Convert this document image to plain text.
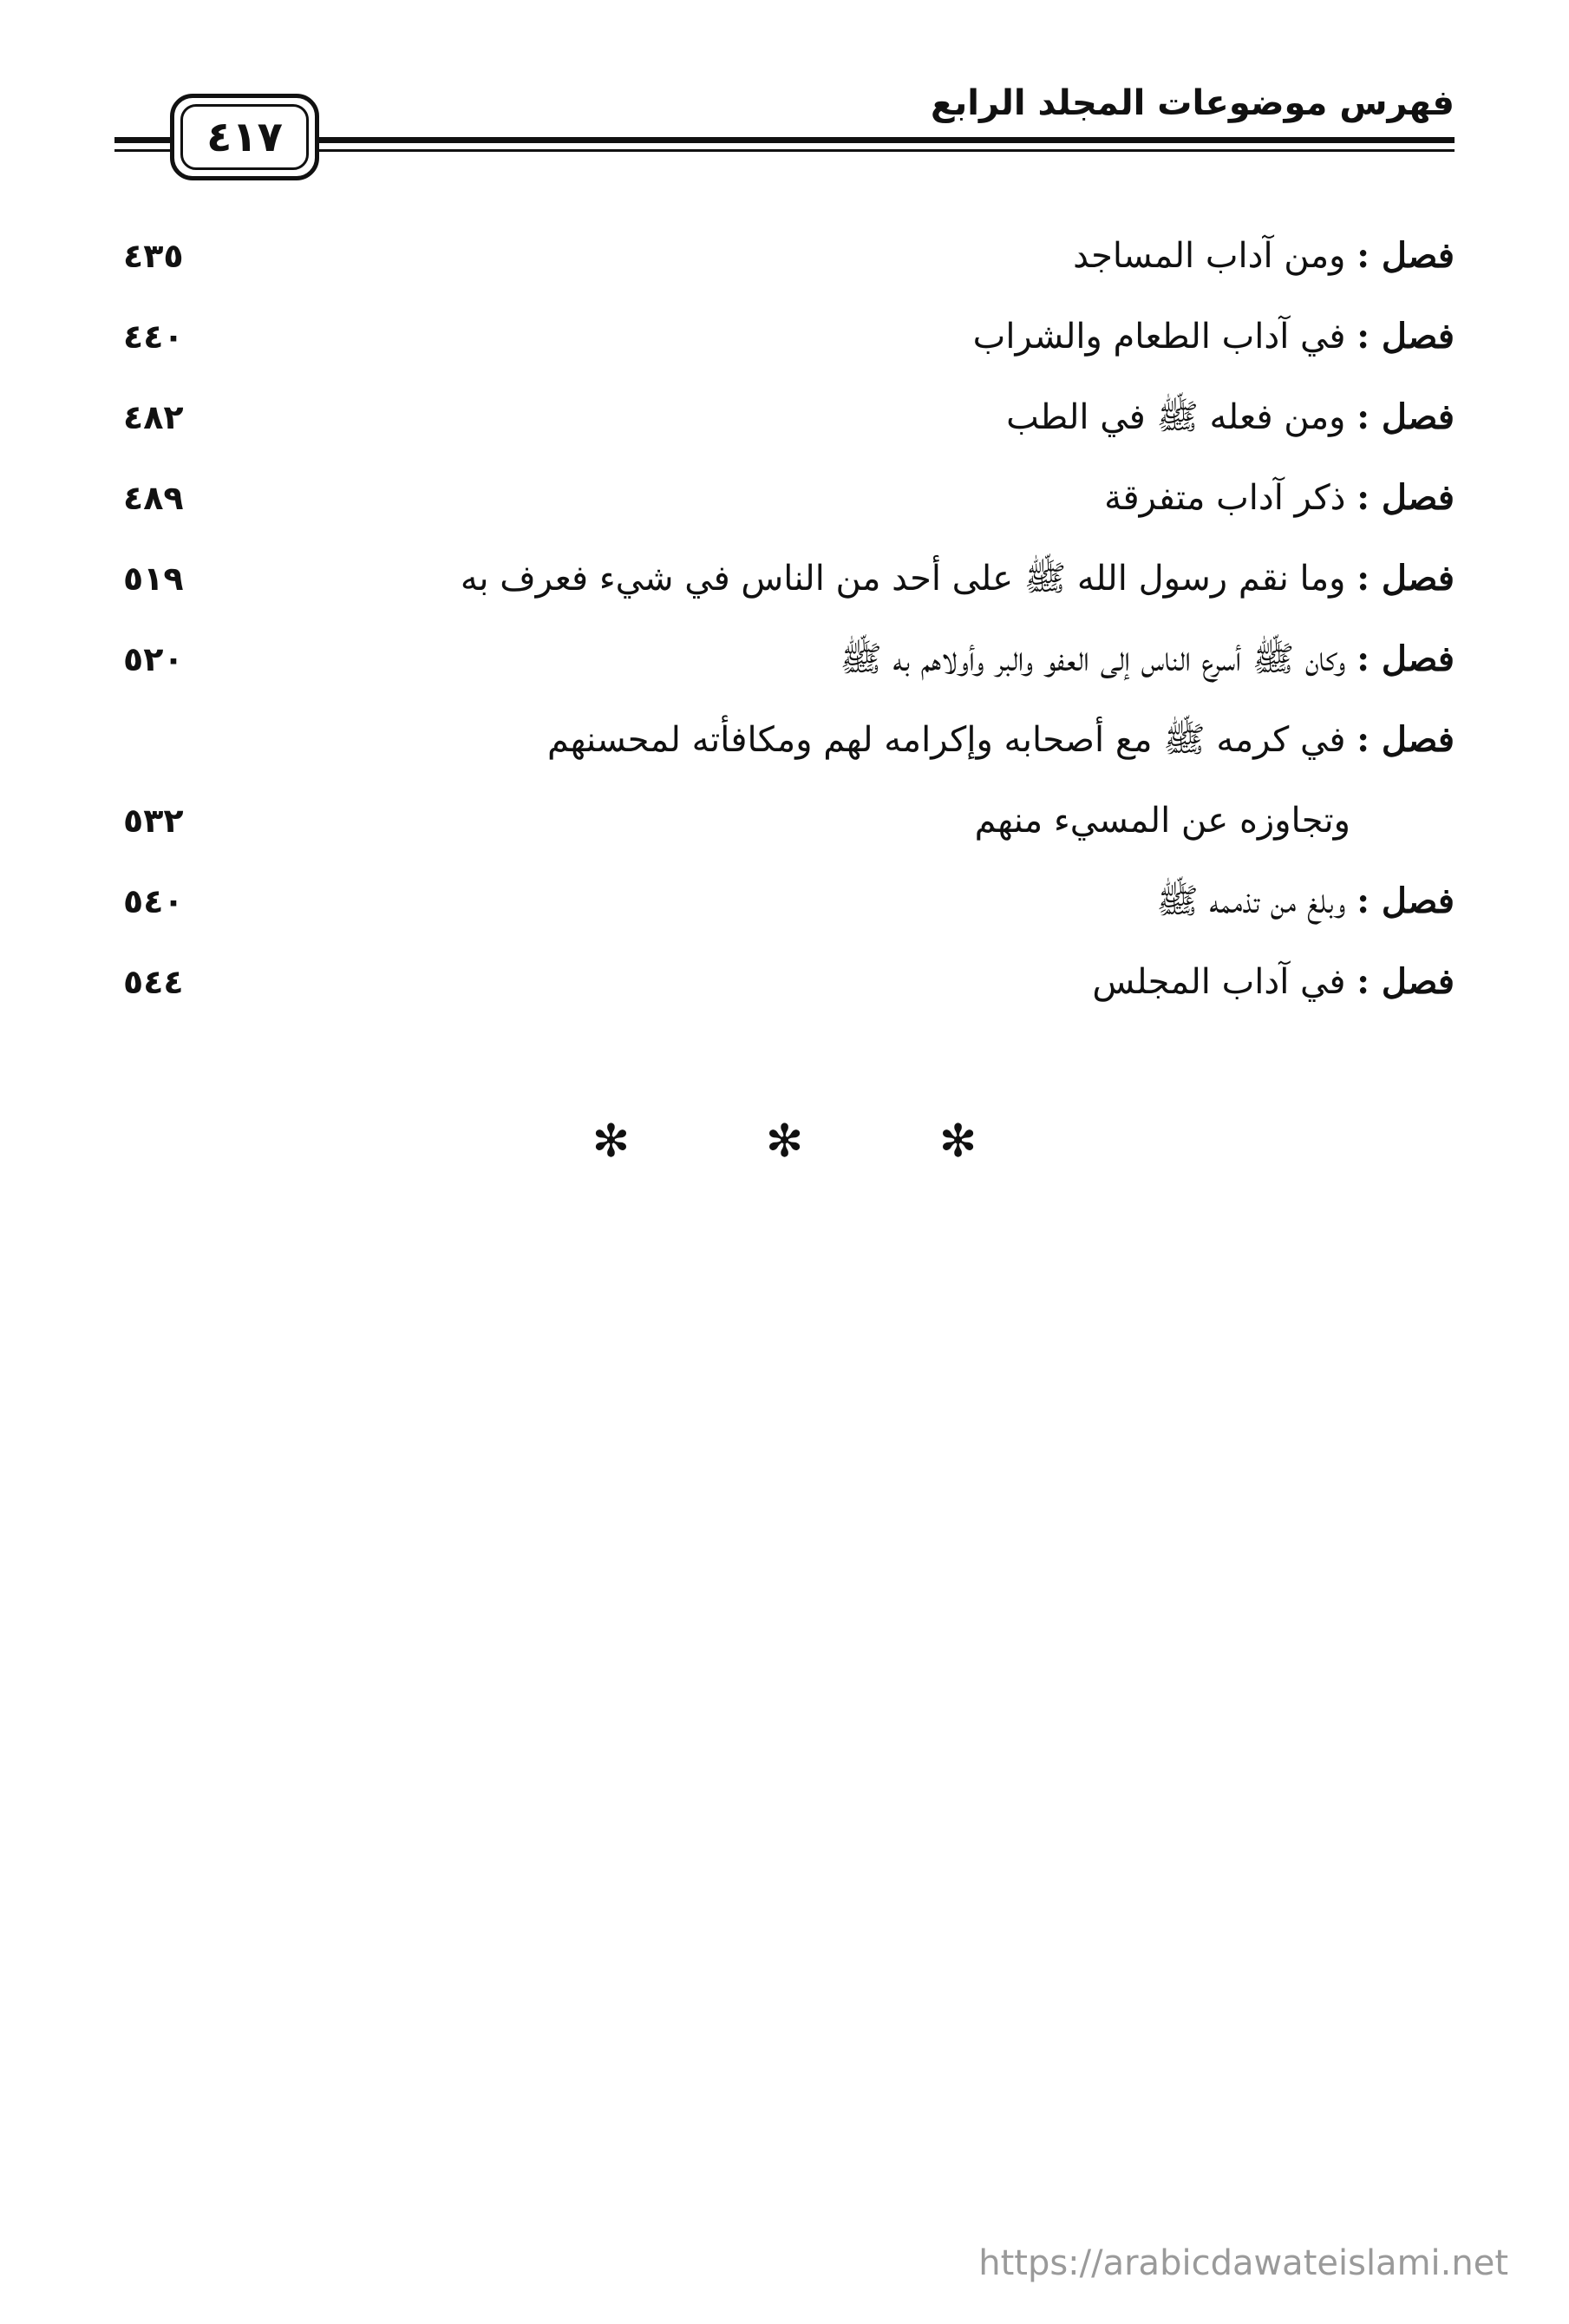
فهرس موضوعات المجلد الرابع
٤١٧
فصل : ومن آداب المساجد
٤٣٥
فصل : في آداب الطعام والشراب
٤٤٠
فصل : ومن فعله ﷺ في الطب
٤٨٢
فصل : ذكر آداب متفرقة
٤٨٩
فصل : وما نقم رسول الله ﷺ على أحد من الناس في شيء فعرف به
٥١٩
فصل : وكان ﷺ أسرع الناس إلى العفو والبر وأولاهم به ﷺ
٥٢٠
فصل : في كرمه ﷺ مع أصحابه وإكرامه لهم ومكافأته لمحسنهم
وتجاوزه عن المسيء منهم
٥٣٢
فصل : وبلغ من تذممه ﷺ
٥٤٠
فصل : في آداب المجلس
٥٤٤
✻ ✻ ✻
https://arabicdawateislami.net
